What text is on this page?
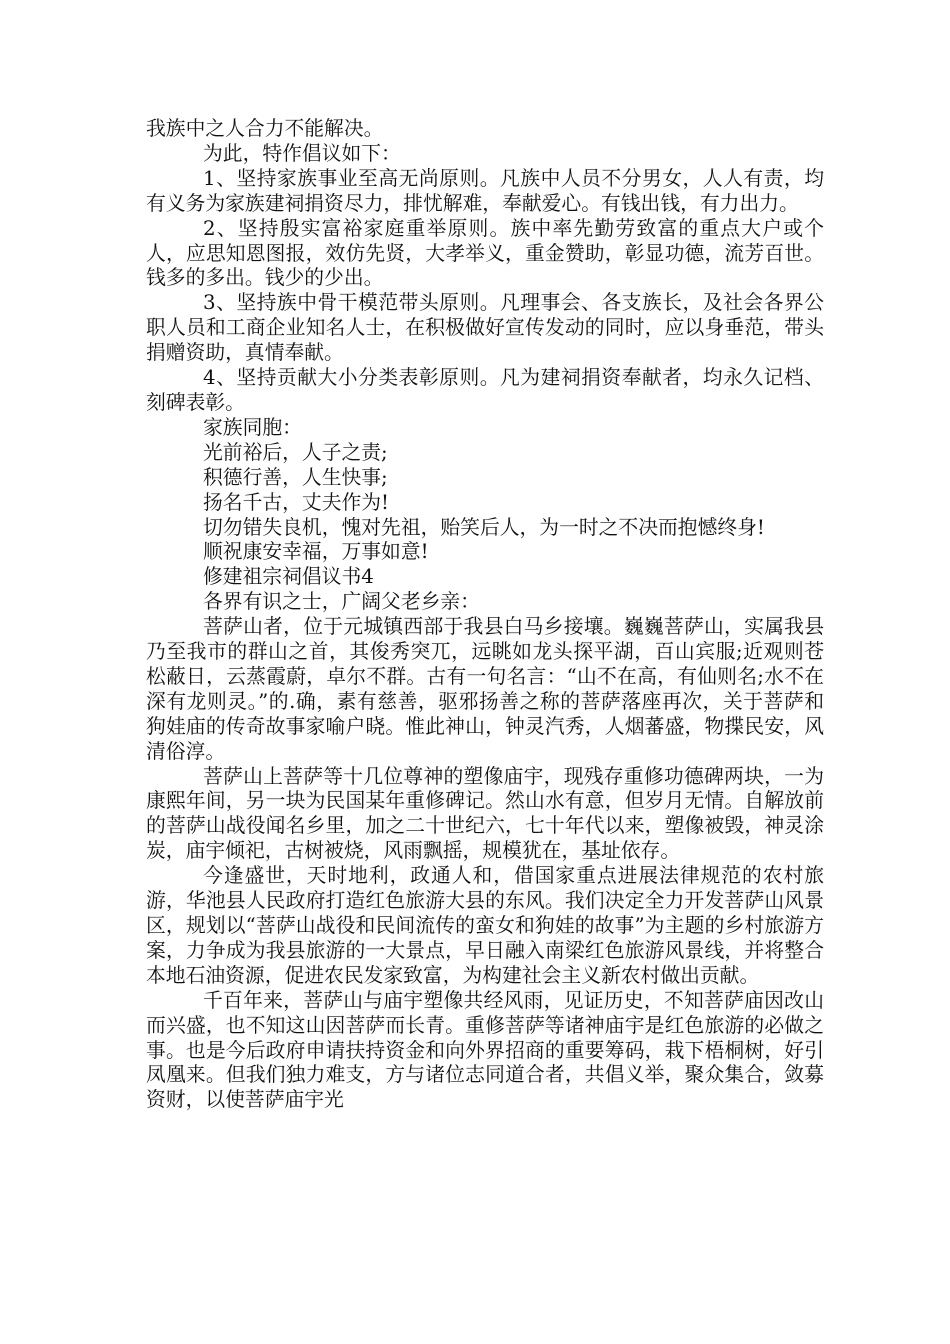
我族中之人合力不能解决。

为此，特作倡议如下：

1、坚持家族事业至高无尚原则。凡族中人员不分男女，人人有责，均有义务为家族建祠捐资尽力，排忧解难，奉献爱心。有钱出钱，有力出力。

2、坚持殷实富裕家庭重举原则。族中率先勤劳致富的重点大户或个人，应思知恩图报，效仿先贤，大孝举义，重金赞助，彰显功德，流芳百世。钱多的多出。钱少的少出。

3、坚持族中骨干模范带头原则。凡理事会、各支族长，及社会各界公职人员和工商企业知名人士，在积极做好宣传发动的同时，应以身垂范，带头捐赠资助，真情奉献。

4、坚持贡献大小分类表彰原则。凡为建祠捐资奉献者，均永久记档、刻碑表彰。

家族同胞：

光前裕后，人子之责;

积德行善，人生快事;

扬名千古，丈夫作为!

切勿错失良机，愧对先祖，贻笑后人，为一时之不决而抱憾终身!

顺祝康安幸福，万事如意!

修建祖宗祠倡议书4

各界有识之士，广阔父老乡亲：

菩萨山者，位于元城镇西部于我县白马乡接壤。巍巍菩萨山，实属我县乃至我市的群山之首，其俊秀突兀，远眺如龙头探平湖，百山宾服;近观则苍松蔽日，云蒸霞蔚，卓尔不群。古有一句名言：“山不在高，有仙则名;水不在深有龙则灵。”的.确，素有慈善，驱邪扬善之称的菩萨落座再次，关于菩萨和狗娃庙的传奇故事家喻户晓。惟此神山，钟灵汽秀，人烟蕃盛，物揲民安，风清俗淳。

菩萨山上菩萨等十几位尊神的塑像庙宇，现残存重修功德碑两块，一为康熙年间，另一块为民国某年重修碑记。然山水有意，但岁月无情。自解放前的菩萨山战役闻名乡里，加之二十世纪六，七十年代以来，塑像被毁，神灵涂炭，庙宇倾祀，古树被烧，风雨飘摇，规模犹在，基址依存。

今逢盛世，天时地利，政通人和，借国家重点进展法律规范的农村旅游，华池县人民政府打造红色旅游大县的东风。我们决定全力开发菩萨山风景区，规划以“菩萨山战役和民间流传的蛮女和狗娃的故事”为主题的乡村旅游方案，力争成为我县旅游的一大景点，早日融入南梁红色旅游风景线，并将整合本地石油资源，促进农民发家致富，为构建社会主义新农村做出贡献。

千百年来，菩萨山与庙宇塑像共经风雨，见证历史，不知菩萨庙因改山而兴盛，也不知这山因菩萨而长青。重修菩萨等诸神庙宇是红色旅游的必做之事。也是今后政府申请扶持资金和向外界招商的重要筹码，栽下梧桐树，好引凤凰来。但我们独力难支，方与诸位志同道合者，共倡义举，聚众集合，敛募资财，以使菩萨庙宇光
